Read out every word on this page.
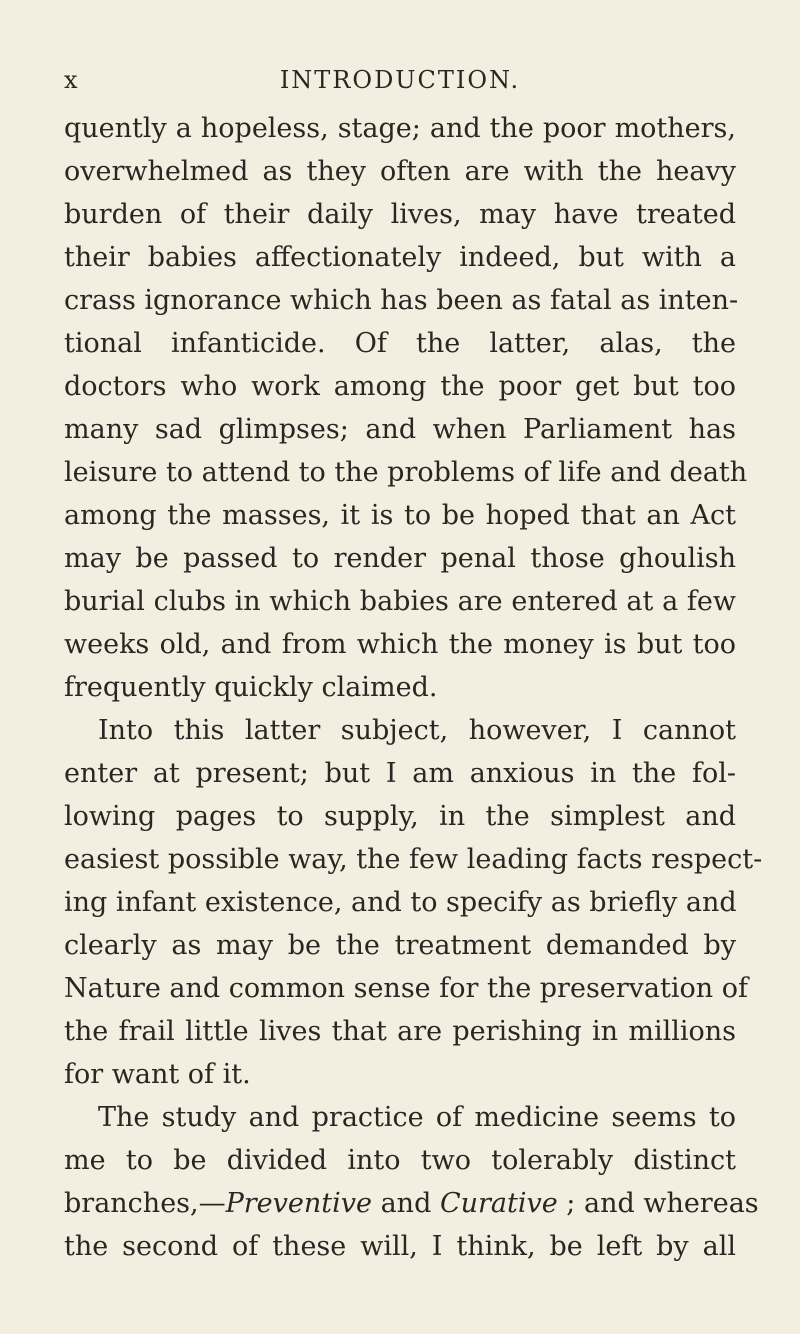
x	INTRODUCTION.
quently a hopeless, stage; and the poor mothers,
overwhelmed as they often are with the heavy
burden of their daily lives, may have treated
their babies affectionately indeed, but with a
crass ignorance which has been as fatal as inten-
tional infanticide. Of the latter, alas, the
doctors who work among the poor get but too
many sad glimpses; and when Parliament has
leisure to attend to the problems of life and death
among the masses, it is to be hoped that an Act
may be passed to render penal those ghoulish
burial clubs in which babies are entered at a few
weeks old, and from which the money is but too
frequently quickly claimed.
Into this latter subject, however, I cannot
enter at present; but I am anxious in the fol-
lowing pages to supply, in the simplest and
easiest possible way, the few leading facts respect-
ing infant existence, and to specify as briefly and
clearly as may be the treatment demanded by
Nature and common sense for the preservation of
the frail little lives that are perishing in millions
for want of it.
The study and practice of medicine seems to
me to be divided into two tolerably distinct
branches,—Preventive and Curative ; and whereas
the second of these will, I think, be left by all
